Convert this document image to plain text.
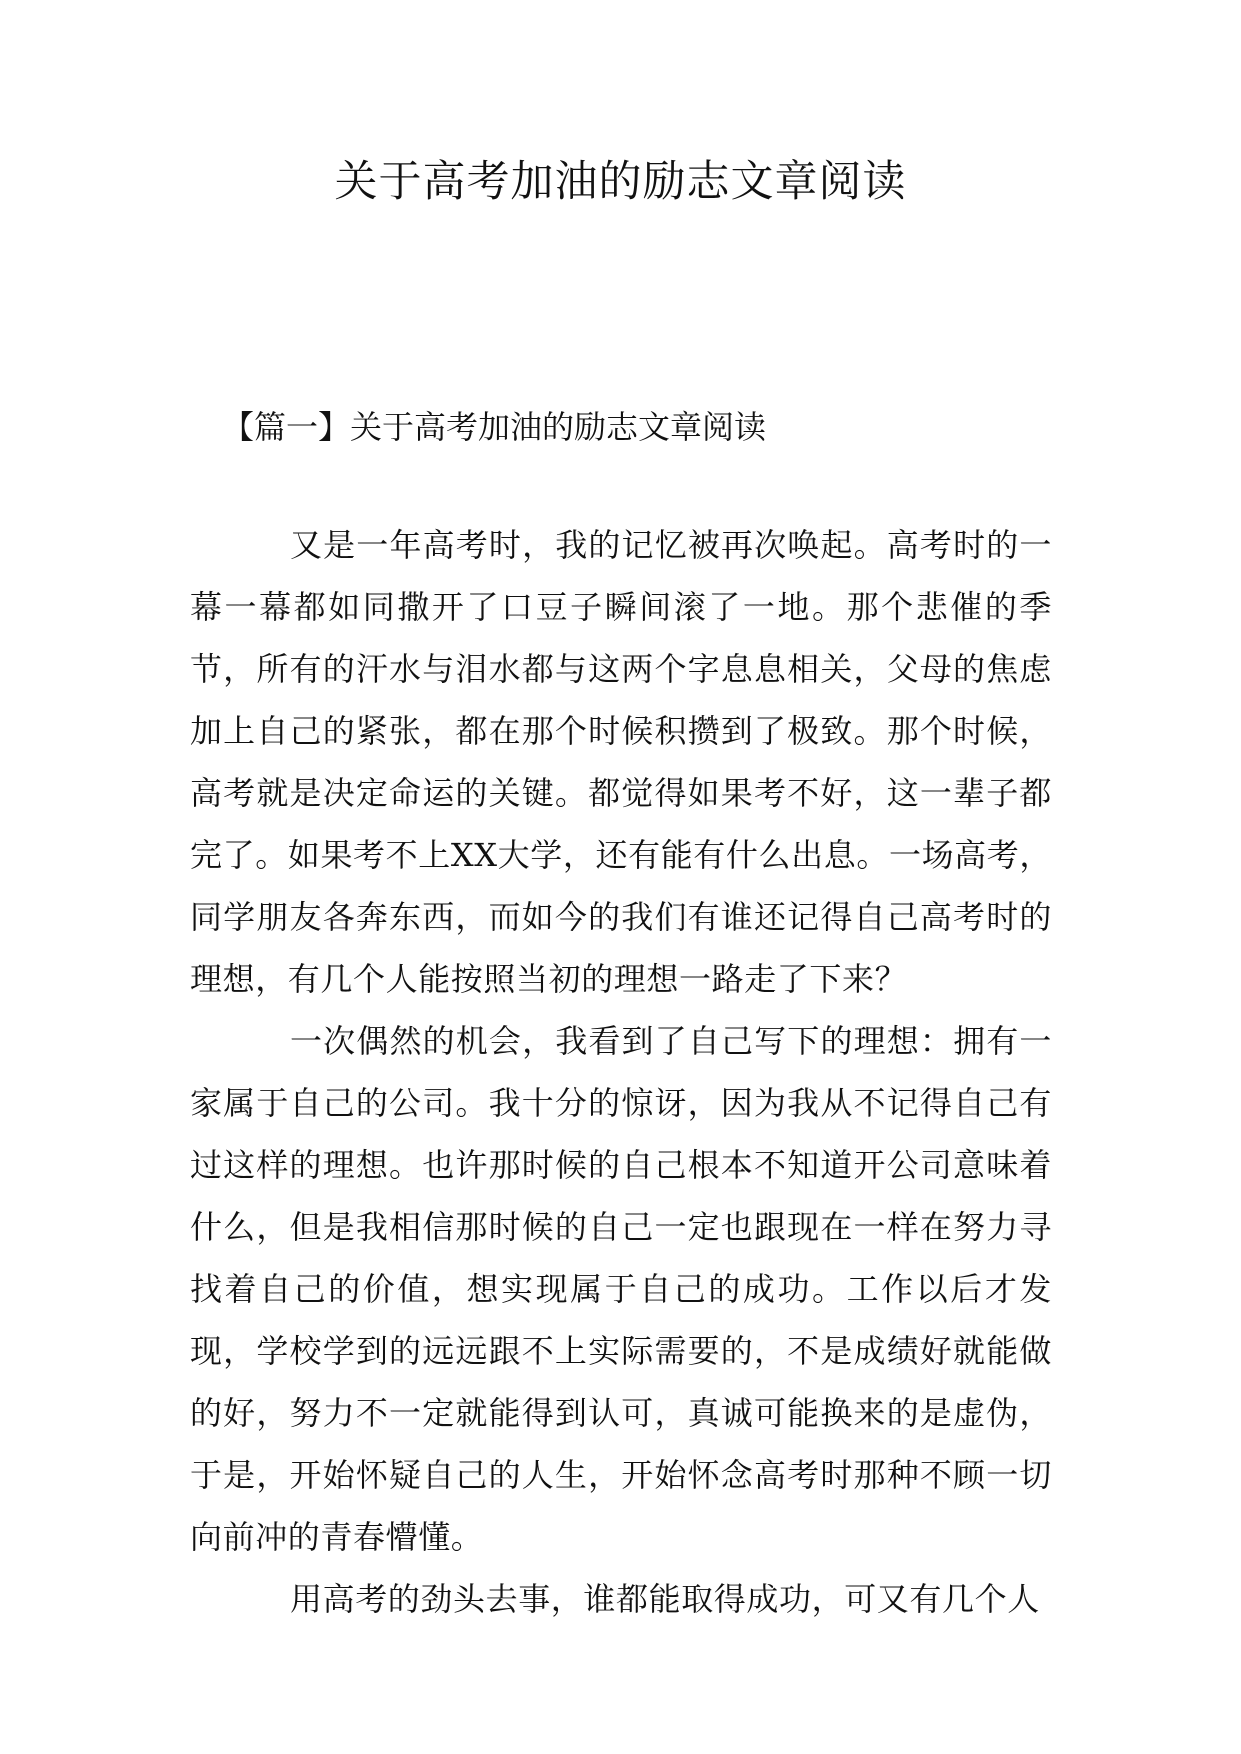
关于高考加油的励志文章阅读
【篇一】关于高考加油的励志文章阅读

又是一年高考时，我的记忆被再次唤起。高考时的一幕一幕都如同撒开了口豆子瞬间滚了一地。那个悲催的季节，所有的汗水与泪水都与这两个字息息相关，父母的焦虑加上自己的紧张，都在那个时候积攒到了极致。那个时候，高考就是决定命运的关键。都觉得如果考不好，这一辈子都完了。如果考不上XX大学，还有能有什么出息。一场高考，同学朋友各奔东西，而如今的我们有谁还记得自己高考时的理想，有几个人能按照当初的理想一路走了下来？

一次偶然的机会，我看到了自己写下的理想：拥有一家属于自己的公司。我十分的惊讶，因为我从不记得自己有过这样的理想。也许那时候的自己根本不知道开公司意味着什么，但是我相信那时候的自己一定也跟现在一样在努力寻找着自己的价值，想实现属于自己的成功。工作以后才发现，学校学到的远远跟不上实际需要的，不是成绩好就能做的好，努力不一定就能得到认可，真诚可能换来的是虚伪，于是，开始怀疑自己的人生，开始怀念高考时那种不顾一切向前冲的青春懵懂。

用高考的劲头去事，谁都能取得成功，可又有几个人
